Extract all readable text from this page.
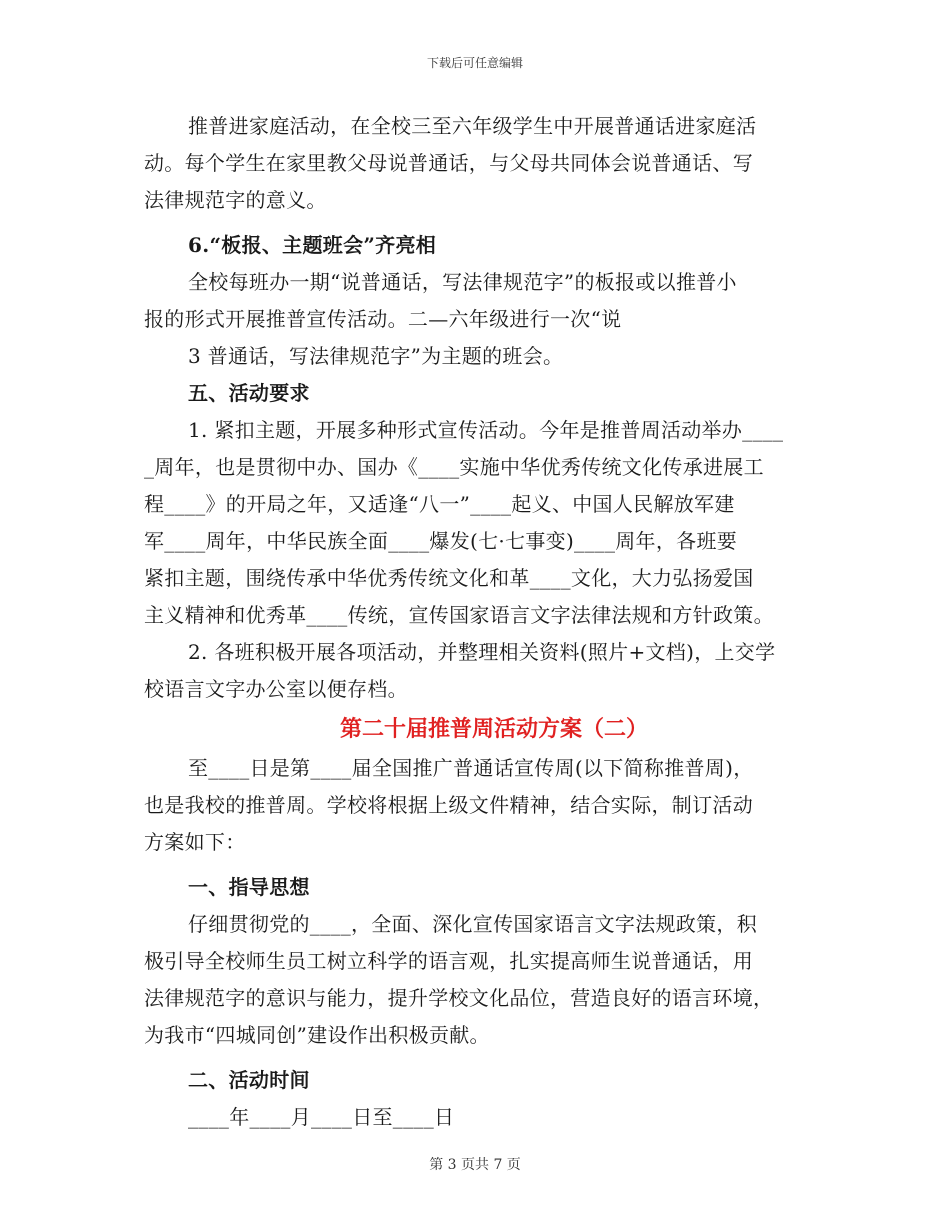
下载后可任意编辑
推普进家庭活动，在全校三至六年级学生中开展普通话进家庭活
动。每个学生在家里教父母说普通话，与父母共同体会说普通话、写
法律规范字的意义。
6.“板报、主题班会”齐亮相
全校每班办一期“说普通话，写法律规范字”的板报或以推普小
报的形式开展推普宣传活动。二—六年级进行一次“说
3 普通话，写法律规范字”为主题的班会。
五、活动要求
1. 紧扣主题，开展多种形式宣传活动。今年是推普周活动举办____
_周年，也是贯彻中办、国办《____实施中华优秀传统文化传承进展工
程____》的开局之年，又适逢“八一”____起义、中国人民解放军建
军____周年，中华民族全面____爆发(七·七事变)____周年，各班要
紧扣主题，围绕传承中华优秀传统文化和革____文化，大力弘扬爱国
主义精神和优秀革____传统，宣传国家语言文字法律法规和方针政策。
2. 各班积极开展各项活动，并整理相关资料(照片+文档)，上交学
校语言文字办公室以便存档。
第二十届推普周活动方案（二）
至____日是第____届全国推广普通话宣传周(以下简称推普周)，
也是我校的推普周。学校将根据上级文件精神，结合实际，制订活动
方案如下：
一、指导思想
仔细贯彻党的____，全面、深化宣传国家语言文字法规政策，积
极引导全校师生员工树立科学的语言观，扎实提高师生说普通话，用
法律规范字的意识与能力，提升学校文化品位，营造良好的语言环境，
为我市“四城同创”建设作出积极贡献。
二、活动时间
____年____月____日至____日
第 3 页共 7 页
